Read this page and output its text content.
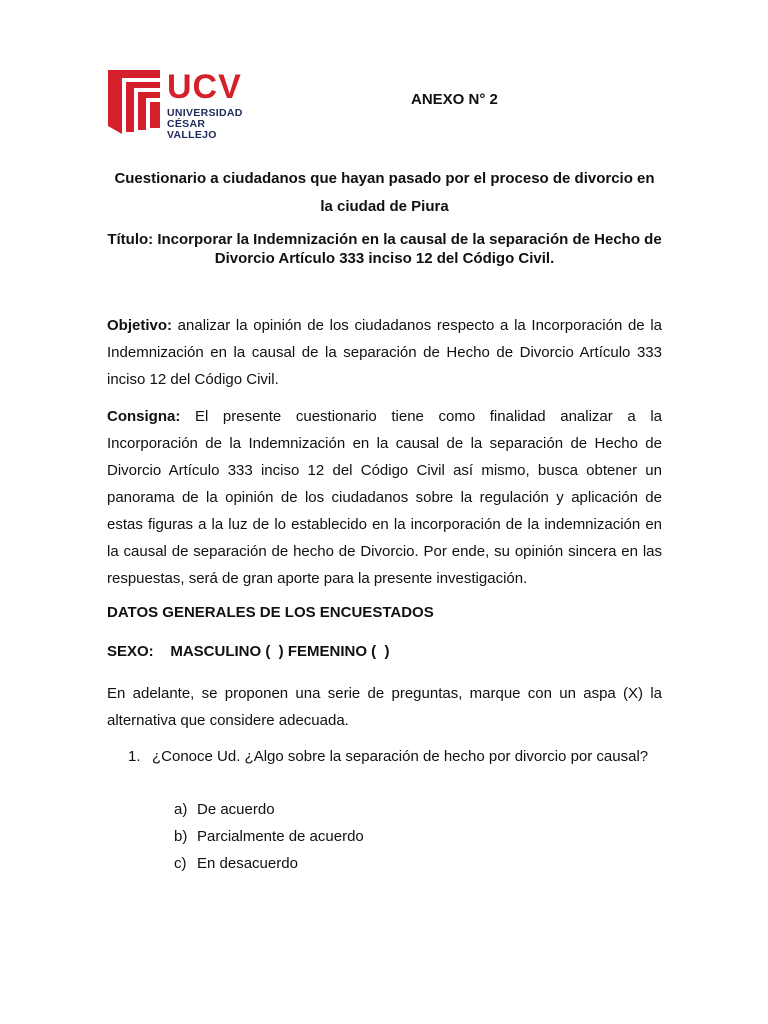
UCV
UNIVERSIDAD
CÉSAR VALLEJO
ANEXO N° 2
Cuestionario a ciudadanos que hayan pasado por el proceso de divorcio en la ciudad de Piura
Título: Incorporar la Indemnización en la causal de la separación de Hecho de Divorcio Artículo 333 inciso 12 del Código Civil.
Objetivo: analizar la opinión de los ciudadanos respecto a la Incorporación de la Indemnización en la causal de la separación de Hecho de Divorcio Artículo 333 inciso 12 del Código Civil.
Consigna: El presente cuestionario tiene como finalidad analizar a la Incorporación de la Indemnización en la causal de la separación de Hecho de Divorcio Artículo 333 inciso 12 del Código Civil así mismo, busca obtener un panorama de la opinión de los ciudadanos sobre la regulación y aplicación de estas figuras a la luz de lo establecido en la incorporación de la indemnización en la causal de separación de hecho de Divorcio. Por ende, su opinión sincera en las respuestas, será de gran aporte para la presente investigación.
DATOS GENERALES DE LOS ENCUESTADOS
SEXO:    MASCULINO (  ) FEMENINO (  )
En adelante, se proponen una serie de preguntas, marque con un aspa (X) la alternativa que considere adecuada.
1. ¿Conoce Ud. ¿Algo sobre la separación de hecho por divorcio por causal?
a) De acuerdo
b) Parcialmente de acuerdo
c) En desacuerdo
